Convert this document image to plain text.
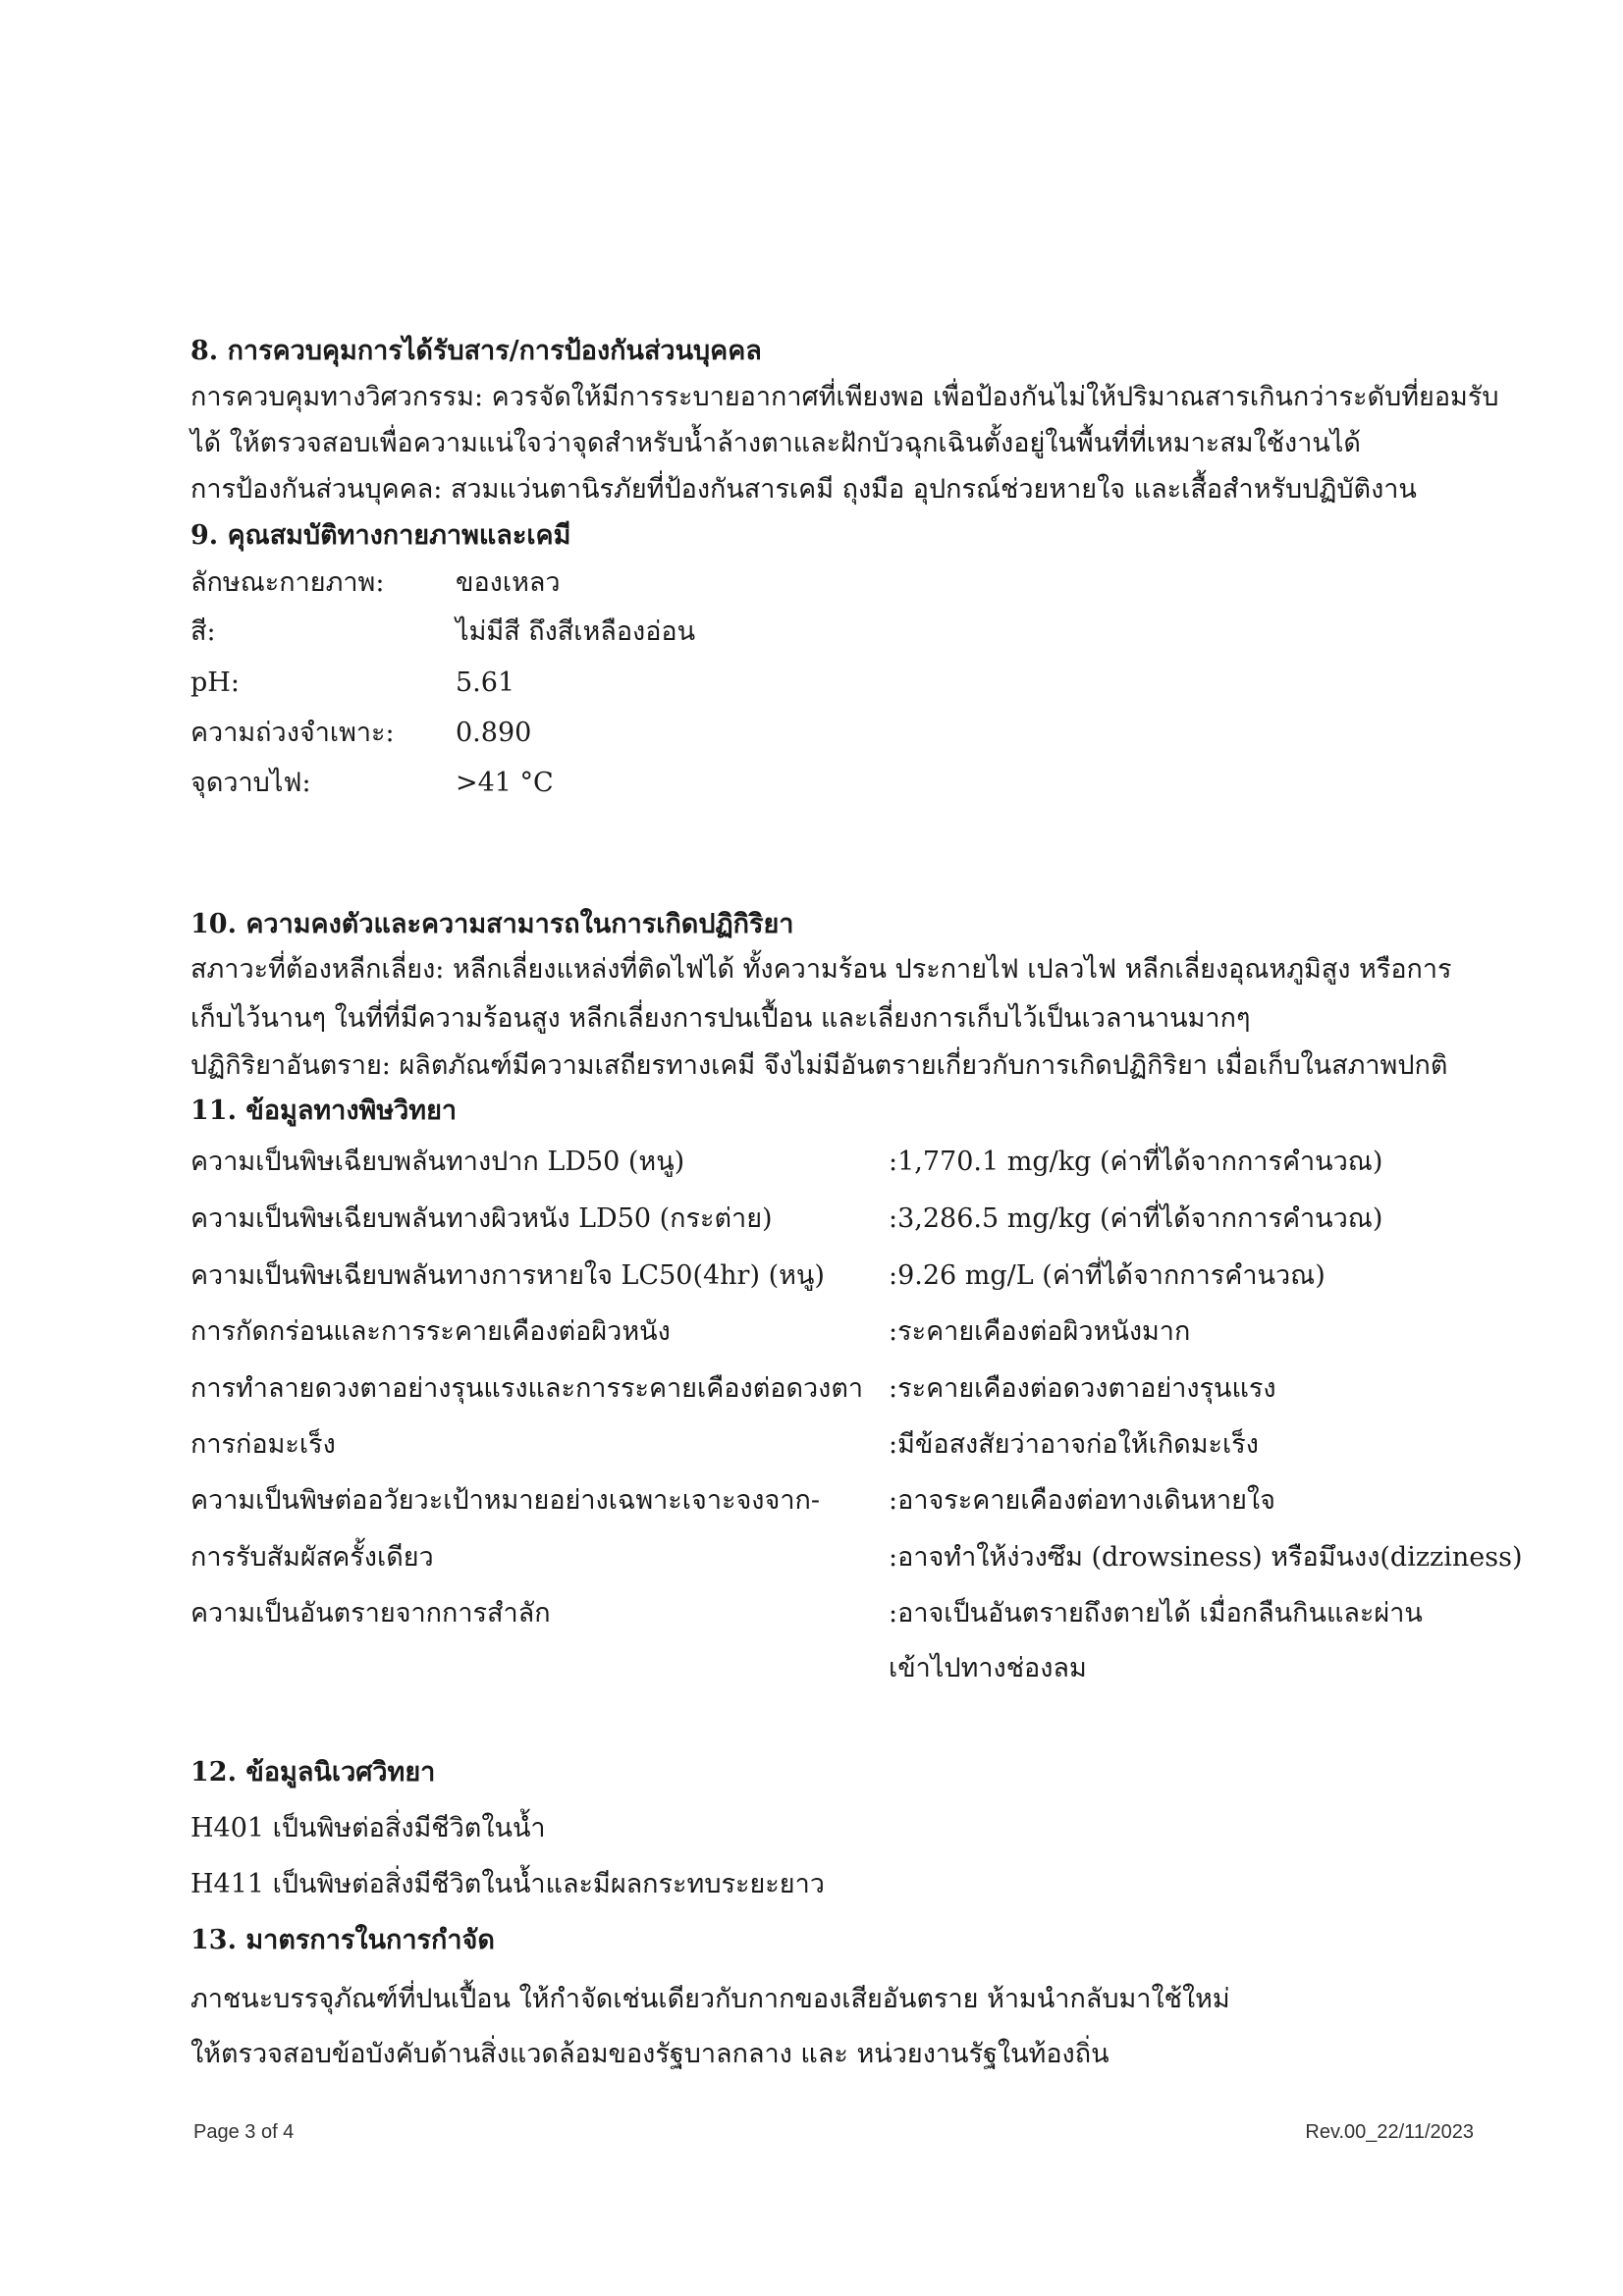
8. การควบคุมการได้รับสาร/การป้องกันส่วนบุคคล
การควบคุมทางวิศวกรรม: ควรจัดให้มีการระบายอากาศที่เพียงพอ เพื่อป้องกันไม่ให้ปริมาณสารเกินกว่าระดับที่ยอมรับ
ได้ ให้ตรวจสอบเพื่อความแน่ใจว่าจุดสำหรับน้ำล้างตาและฝักบัวฉุกเฉินตั้งอยู่ในพื้นที่ที่เหมาะสมใช้งานได้
การป้องกันส่วนบุคคล: สวมแว่นตานิรภัยที่ป้องกันสารเคมี ถุงมือ อุปกรณ์ช่วยหายใจ และเสื้อสำหรับปฏิบัติงาน
9. คุณสมบัติทางกายภาพและเคมี
ลักษณะกายภาพ:	ของเหลว
สี:	ไม่มีสี ถึงสีเหลืองอ่อน
pH:	5.61
ความถ่วงจำเพาะ: 0.890
จุดวาบไฟ:	>41 °C
10. ความคงตัวและความสามารถในการเกิดปฏิกิริยา
สภาวะที่ต้องหลีกเลี่ยง: หลีกเลี่ยงแหล่งที่ติดไฟได้ ทั้งความร้อน ประกายไฟ เปลวไฟ หลีกเลี่ยงอุณหภูมิสูง หรือการ
เก็บไว้นานๆ ในที่ที่มีความร้อนสูง หลีกเลี่ยงการปนเปื้อน และเลี่ยงการเก็บไว้เป็นเวลานานมากๆ
ปฏิกิริยาอันตราย: ผลิตภัณฑ์มีความเสถียรทางเคมี จึงไม่มีอันตรายเกี่ยวกับการเกิดปฏิกิริยา เมื่อเก็บในสภาพปกติ
11. ข้อมูลทางพิษวิทยา
ความเป็นพิษเฉียบพลันทางปาก LD50 (หนู)	:1,770.1 mg/kg (ค่าที่ได้จากการคำนวณ)
ความเป็นพิษเฉียบพลันทางผิวหนัง LD50 (กระต่าย)	:3,286.5 mg/kg (ค่าที่ได้จากการคำนวณ)
ความเป็นพิษเฉียบพลันทางการหายใจ LC50(4hr) (หนู) :9.26 mg/L (ค่าที่ได้จากการคำนวณ)
การกัดกร่อนและการระคายเคืองต่อผิวหนัง	:ระคายเคืองต่อผิวหนังมาก
การทำลายดวงตาอย่างรุนแรงและการระคายเคืองต่อดวงตา :ระคายเคืองต่อดวงตาอย่างรุนแรง
การก่อมะเร็ง	:มีข้อสงสัยว่าอาจก่อให้เกิดมะเร็ง
ความเป็นพิษต่ออวัยวะเป้าหมายอย่างเฉพาะเจาะจงจาก-	:อาจระคายเคืองต่อทางเดินหายใจ
การรับสัมผัสครั้งเดียว	:อาจทำให้ง่วงซึม (drowsiness) หรือมึนงง(dizziness)
ความเป็นอันตรายจากการสำลัก	:อาจเป็นอันตรายถึงตายได้ เมื่อกลืนกินและผ่าน
เข้าไปทางช่องลม
12. ข้อมูลนิเวศวิทยา
H401 เป็นพิษต่อสิ่งมีชีวิตในน้ำ
H411 เป็นพิษต่อสิ่งมีชีวิตในน้ำและมีผลกระทบระยะยาว
13. มาตรการในการกำจัด
ภาชนะบรรจุภัณฑ์ที่ปนเปื้อน ให้กำจัดเช่นเดียวกับกากของเสียอันตราย ห้ามนำกลับมาใช้ใหม่
ให้ตรวจสอบข้อบังคับด้านสิ่งแวดล้อมของรัฐบาลกลาง และ หน่วยงานรัฐในท้องถิ่น
Page 3 of 4	Rev.00_22/11/2023
